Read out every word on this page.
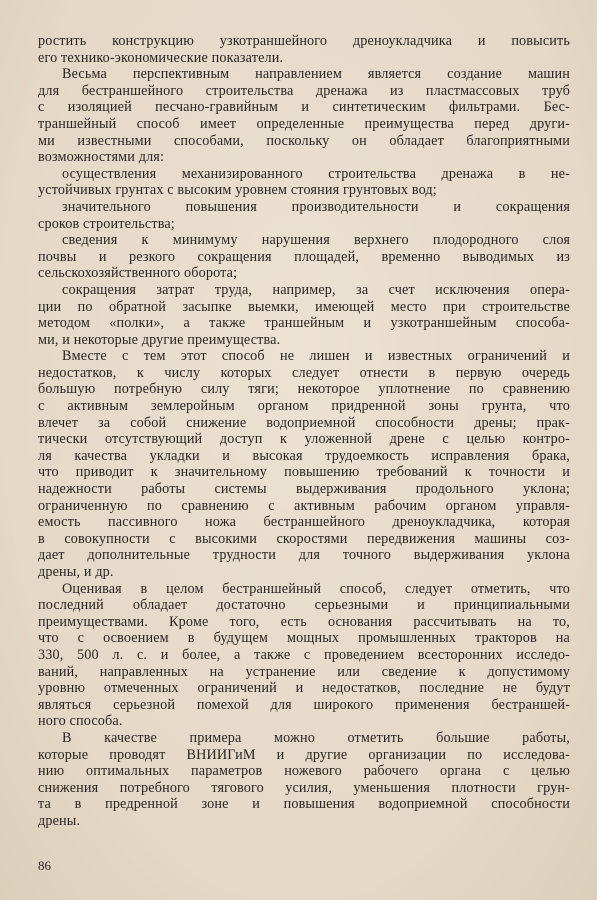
ростить конструкцию узкотраншейного дреноукладчика и повысить
его технико-экономические показатели.
Весьма перспективным направлением является создание машин
для бестраншейного строительства дренажа из пластмассовых труб
с изоляцией песчано-гравийным и синтетическим фильтрами. Бес-
траншейный способ имеет определенные преимущества перед други-
ми известными способами, поскольку он обладает благоприятными
возможностями для:
осуществления механизированного строительства дренажа в не-
устойчивых грунтах с высоким уровнем стояния грунтовых вод;
значительного повышения производительности и сокращения
сроков строительства;
сведения к минимуму нарушения верхнего плодородного слоя
почвы и резкого сокращения площадей, временно выводимых из
сельскохозяйственного оборота;
сокращения затрат труда, например, за счет исключения опера-
ции по обратной засыпке выемки, имеющей место при строительстве
методом «полки», а также траншейным и узкотраншейным способа-
ми, и некоторые другие преимущества.
Вместе с тем этот способ не лишен и известных ограничений и
недостатков, к числу которых следует отнести в первую очередь
большую потребную силу тяги; некоторое уплотнение по сравнению
с активным землеройным органом придренной зоны грунта, что
влечет за собой снижение водоприемной способности дрены; прак-
тически отсутствующий доступ к уложенной дрене с целью контро-
ля качества укладки и высокая трудоемкость исправления брака,
что приводит к значительному повышению требований к точности и
надежности работы системы выдерживания продольного уклона;
ограниченную по сравнению с активным рабочим органом управля-
емость пассивного ножа бестраншейного дреноукладчика, которая
в совокупности с высокими скоростями передвижения машины соз-
дает дополнительные трудности для точного выдерживания уклона
дрены, и др.
Оценивая в целом бестраншейный способ, следует отметить, что
последний обладает достаточно серьезными и принципиальными
преимуществами. Кроме того, есть основания рассчитывать на то,
что с освоением в будущем мощных промышленных тракторов на
330, 500 л. с. и более, а также с проведением всесторонних исследо-
ваний, направленных на устранение или сведение к допустимому
уровню отмеченных ограничений и недостатков, последние не будут
являться серьезной помехой для широкого применения бестраншей-
ного способа.
В качестве примера можно отметить большие работы,
которые проводят ВНИИГиМ и другие организации по исследова-
нию оптимальных параметров ножевого рабочего органа с целью
снижения потребного тягового усилия, уменьшения плотности грун-
та в предренной зоне и повышения водоприемной способности
дрены.
86
